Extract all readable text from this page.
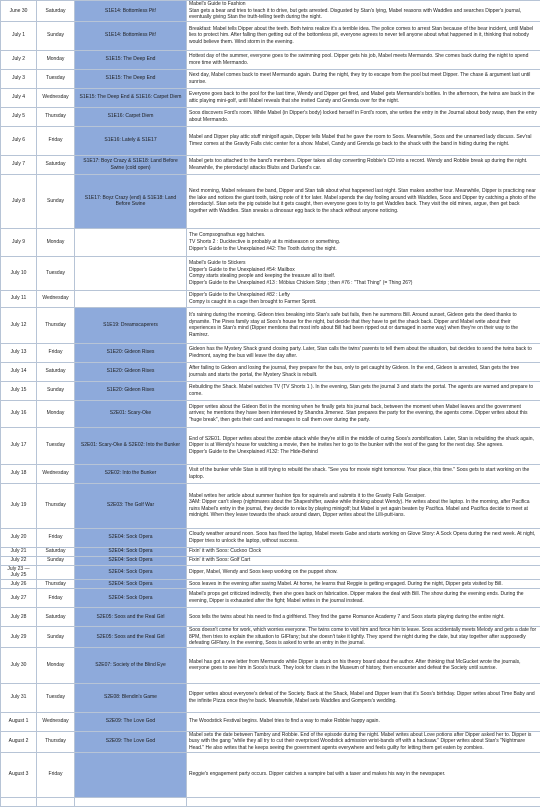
June 30	Saturday	S1E14: Bottomless Pit!	Mabel's Guide to Fashion
Stan gets a bear and tries to teach it to drive, but gets arrested. Disgusted by Stan's lying, Mabel reasons with Waddles and searches Dipper's journal, eventually giving Stan the truth-telling teeth during the night.
July 1	Sunday	S1E14: Bottomless Pit!	Breakfast: Mabel tells Dipper about the teeth. Both twins realize it's a terrible idea. The police comes to arrest Stan because of the bear incident, until Mabel lies to protect him. After falling then getting out of the bottomless pit, everyone agrees to never tell anyone about what happened in it, thinking that nobody would believe them. Wind storm in the evening.
July 2	Monday	S1E15: The Deep End	Hottest day of the summer, everyone goes to the swimming pool. Dipper gets his job, Mabel meets Mermando. She comes back during the night to spend more time with Mermando.
July 3	Tuesday	S1E15: The Deep End	Next day, Mabel comes back to meet Mermando again. During the night, they try to escape from the pool but meet Dipper. The chase & argument last until sunrise.
July 4	Wednesday	S1E15: The Deep End & S1E16: Carpet Diem	Everyone goes back to the pool for the last time, Wendy and Dipper get fired, and Mabel gets Mermando's bottles. In the afternoon, the twins are back in the attic playing mini-golf, until Mabel reveals that she invited Candy and Grenda over for the night.
July 5	Thursday	S1E16: Carpet Diem	Soos discovers Ford's room. While Mabel (in Dipper's body) locked herself in Ford's room, she writes the entry in the Journal about body swap, then the entry about Mermando.
July 6	Friday	S1E16: Lately & S1E17	Mabel and Dipper play attic stuff minigolf again, Dipper tells Mabel that he gave the room to Soos. Meanwhile, Soos and the unnamed lady discuss. Sev'ral Timez comes at the Gravity Falls civic center for a show. Mabel, Candy and Grenda go back to the shack with the band in hiding during the night.
July 7	Saturday	S1E17: Boyz Crazy & S1E18: Land Before Swine (cold open)	Mabel gets too attached to the band's members. Dipper takes all day converting Robbie's CD into a record. Wendy and Robbie break up during the night. Meanwhile, the pterodactyl attacks Blubs and Durland's car.
July 8	Sunday	S1E17: Boyz Crazy (end) & S1E18: Land Before Swine	Next morning, Mabel releases the band, Dipper and Stan talk about what happened last night. Stan makes another tour. Meanwhile, Dipper is practicing near the lake and notices the giant tooth, taking note of it for later. Mabel spends the day fooling around with Waddles, Soos and Dipper try catching a photo of the pterodactyl. Stan sets the pig outside but it gets caught, then everyone goes to try to get Waddles back. They visit the old mines, argue, then get back together with Waddles. Stan sneaks a dinosaur egg back to the shack without anyone noticing.
July 9	Monday		The Compsognathus egg hatches.
TV Shorts 2 : Ducktective is probably at its midseason or something.
Dipper's Guide to the Unexplained #42: The Tooth during the night.
July 10	Tuesday		Mabel's Guide to Stickers
Dipper's Guide to the Unexplained #54: Mailbox
Compy starts stealing people and keeping the treasure all to itself.
Dipper's Guide to the Unexplained #13 : Möbius Chicken Strip ; then #76 : "That Thing" (= Thing 26?)
July 11	Wednesday		Dipper's Guide to the Unexplained #82 : Lefty
Compy is caught in a cage then brought to Farmer Sprott.
July 12	Thursday	S1E19: Dreamscaperers	It's raining during the morning. Gideon tries breaking into Stan's safe but fails, then he summons Bill. Around sunset, Gideon gets the deed thanks to dynamite. The Pines family stay at Soos's house for the night, but decide that they have to get the shack back. Dipper and Mabel write about their experiences in Stan's mind (Dipper mentions that most info about Bill had been ripped out or damaged in some way) when they're on their way to the Ramirez.
July 13	Friday	S1E20: Gideon Rises	Gideon has the Mystery Shack grand closing party. Later, Stan calls the twins' parents to tell them about the situation, but decides to send the twins back to Piedmont, saying the bus will leave the day after.
July 14	Saturday	S1E20: Gideon Rises	After failing to Gideon and losing the journal, they prepare for the bus, only to get caught by Gideon. In the end, Gideon is arrested, Stan gets the tree journals and starts the portal, the Mystery Shack is rebuilt.
July 15	Sunday	S1E20: Gideon Rises	Rebuilding the Shack. Mabel watches TV (TV Shorts 1 ). In the evening, Stan gets the journal 3 and starts the portal. The agents are warned and prepare to come.
July 16	Monday	S2E01: Scary-Oke	Dipper writes about the Gideon Bot in the morning when he finally gets his journal back, between the moment when Mabel leaves and the government arrives; he mentions they have been interviewed by Shandra Jimenez. Stan prepares the party for the evening, the agents come. Dipper writes about this "huge break", then gets their card and manages to call them over during the party.
July 17	Tuesday	S2E01: Scary-Oke & S2E02: Into the Bunker	End of S2E01. Dipper writes about the zombie attack while they're still in the middle of curing Soos's zombification. Later, Stan is rebuilding the shack again, Dipper is at Wendy's house for watching a movie, then he invites her to go to the bunker with the rest of the gang for the next day. She agrees.
Dipper's Guide to the Unexplained #132: The Hide-Behind
July 18	Wednesday	S2E02: Into the Bunker	Visit of the bunker while Stan is still trying to rebuild the shack. "See you for movie night tomorrow. Your place, this time." Soos gets to start working on the laptop.
July 19	Thursday	S2E03: The Golf War	Mabel writes her article about summer fashion tips for squirrels and submits it to the Gravity Falls Gossiper.
3AM: Dipper can't sleep (nightmares about the Shapeshifter, awake while thinking about Wendy). He writes about the laptop. In the morning, after Pacifica ruins Mabel's entry in the journal, they decide to relax by playing minigolf; but Mabel is yet again beaten by Pacifica. Mabel and Pacifica decide to meet at midnight. When they leave towards the shack around dawn, Dipper writes about the Lilli-putt-ians.
July 20	Friday	S2E04: Sock Opera	Cloudy weather around noon. Soos has fixed the laptop, Mabel meets Gabe and starts working on Glove Story: A Sock Opera during the next week. At night, Dipper tries to unlock the laptop, without success.
July 21	Saturday	S2E04: Sock Opera	Fixin' it with Soos: Cuckoo Clock
July 22	Sunday	S2E04: Sock Opera	Fixin' it with Soos: Golf Cart
July 23 — July 25		S2E04: Sock Opera	Dipper, Mabel, Wendy and Soos keep working on the puppet show.
July 26	Thursday	S2E04: Sock Opera	Soos leaves in the evening after saving Mabel. At home, he learns that Reggie is getting engaged. During the night, Dipper gets visited by Bill.
July 27	Friday	S2E04: Sock Opera	Mabel's props get criticized indirectly, then she goes back on fabrication. Dipper makes the deal with Bill. The show during the evening ends. During the evening, Dipper is exhausted after the fight; Mabel writes in the journal instead.
July 28	Saturday	S2E05: Soos and the Real Girl	Soos tells the twins about his need to find a girlfriend. They find the game Romance Academy 7 and Soos starts playing during the entire night.
July 29	Sunday	S2E05: Soos and the Real Girl	Soos doesn't come for work, which worries everyone. The twins come to visit him and force him to leave. Soos accidentally meets Melody and gets a date for 8PM, then tries to explain the situation to GIFfany; but she doesn't take it lightly. They spend the night during the date, but stay together after supposedly defeating GIFfany. In the evening, Soos is asked to write an entry in the journal.
July 30	Monday	S2E07: Society of the Blind Eye	Mabel has got a new letter from Mermando while Dipper is stuck on his theory board about the author. After thinking that McGucket wrote the journals, everyone goes to see him in Soos's truck. They look for clues in the Museum of history, then encounter and defeat the Society until sunrise.
July 31	Tuesday	S2E08: Blendin's Game	Dipper writes about everyone's defeat of the Society. Back at the Shack, Mabel and Dipper learn that it's Soos's birthday. Dipper writes about Time Baby and the infinite Pizza once they're back. Meanwhile, Mabel sets Waddles and Gompers's wedding.
August 1	Wednesday	S2E09: The Love God	The Woodstick Festival begins. Mabel tries to find a way to make Robbie happy again.
August 2	Thursday	S2E09: The Love God	Mabel sets the date between Tambry and Robbie. End of the episode during the night. Mabel writes about Love potions after Dipper asked her to. Dipper is busy with the gang "while they all try to cut their overpriced Woodstick admission wrist-bands off with a hacksaw." Dipper writes about Stan's "Nightmare Head." He also writes that he keeps seeing the government agents everywhere and feels guilty for letting them get eaten by zombies.
August 3	Friday		Reggie's engagement party occurs. Dipper catches a vampire bat with a taser and makes his way in the newspaper.
